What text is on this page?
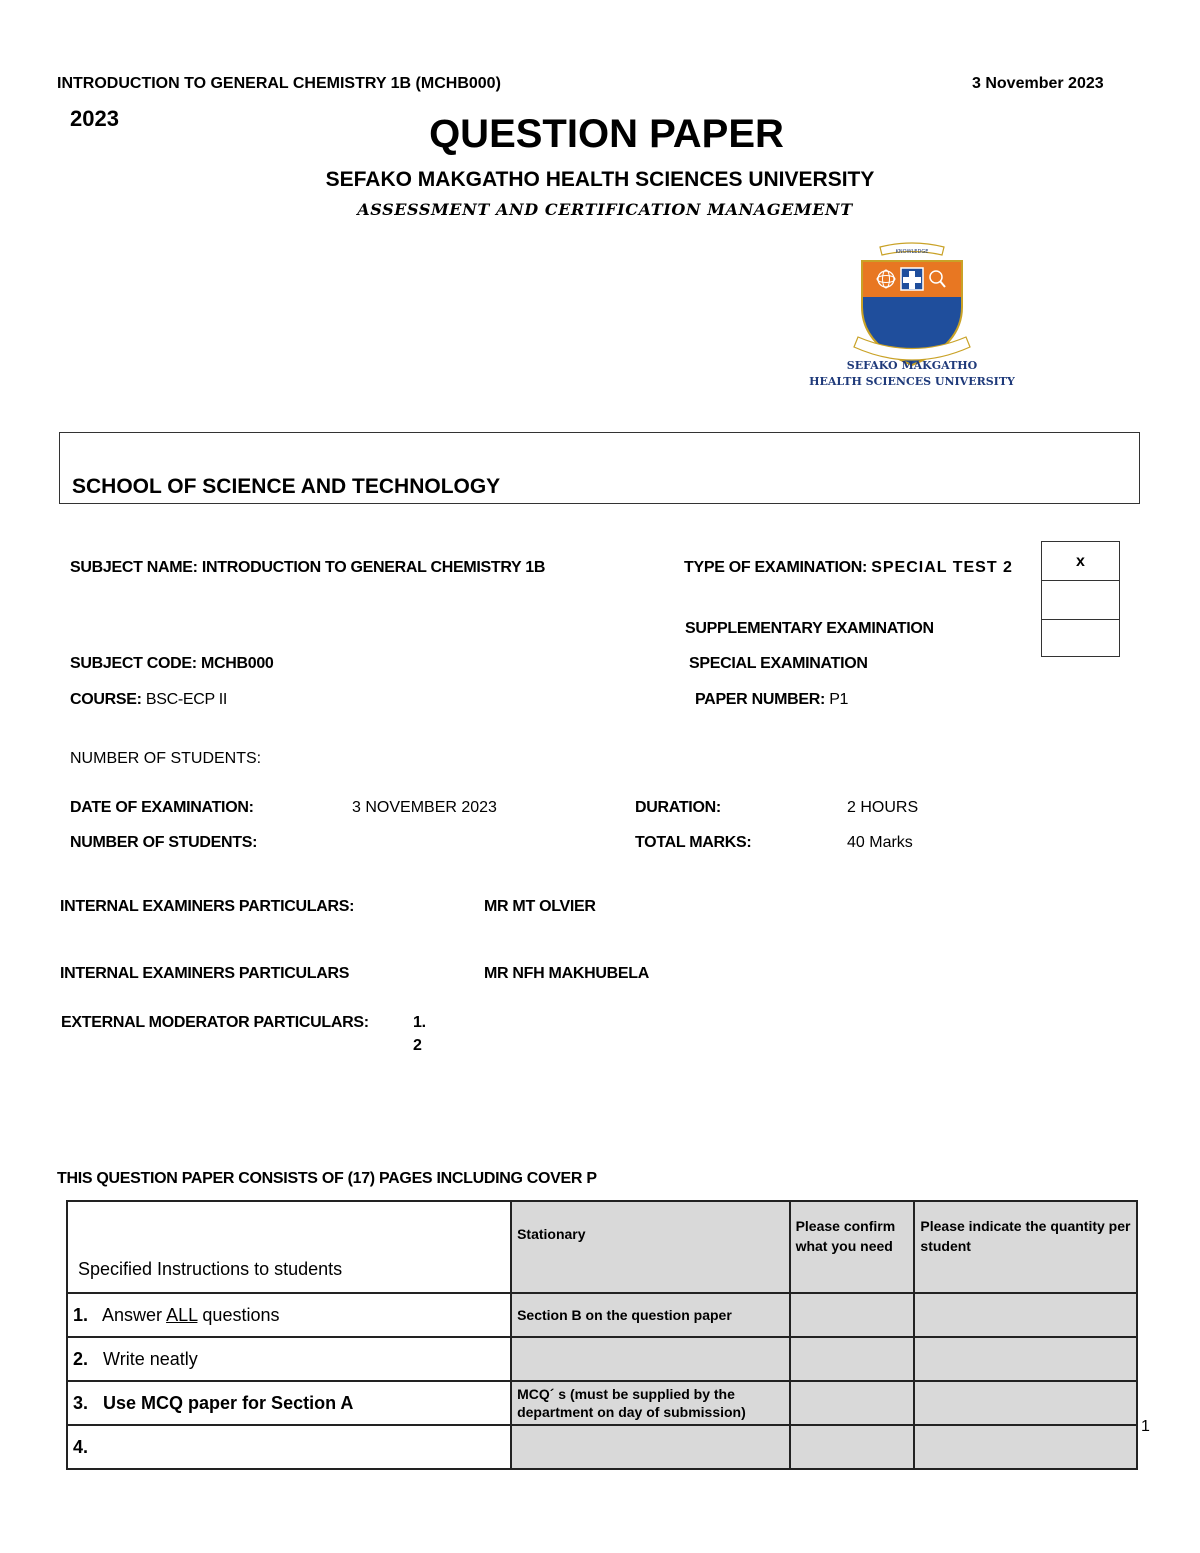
INTRODUCTION TO GENERAL CHEMISTRY 1B (MCHB000)	3 November 2023
2023	QUESTION PAPER
SEFAKO MAKGATHO HEALTH SCIENCES UNIVERSITY
ASSESSMENT AND CERTIFICATION MANAGEMENT
KNOWLEDGE
SEFAKO MAKGATHO
HEALTH SCIENCES UNIVERSITY
SCHOOL OF SCIENCE AND TECHNOLOGY
SUBJECT NAME: INTRODUCTION TO GENERAL CHEMISTRY 1B	TYPE OF EXAMINATION: SPECIAL TEST 2	x
SUPPLEMENTARY EXAMINATION
SPECIAL EXAMINATION
SUBJECT CODE: MCHB000
COURSE: BSC-ECP II	PAPER NUMBER: P1
NUMBER OF STUDENTS:
DATE OF EXAMINATION:	3 NOVEMBER 2023	DURATION:	2 HOURS
NUMBER OF STUDENTS:	TOTAL MARKS:	40 Marks
INTERNAL EXAMINERS PARTICULARS:	MR MT OLVIER
INTERNAL EXAMINERS PARTICULARS	MR NFH MAKHUBELA
EXTERNAL MODERATOR PARTICULARS:	1.
2
THIS QUESTION PAPER CONSISTS OF (17) PAGES INCLUDING COVER P
Specified Instructions to students	Stationary	Please confirm what you need	Please indicate the quantity per student
1. Answer ALL questions	Section B on the question paper		
2. Write neatly			
3. Use MCQ paper for Section A	MCQ´ s (must be supplied by the department on day of submission)		
4.			
1
